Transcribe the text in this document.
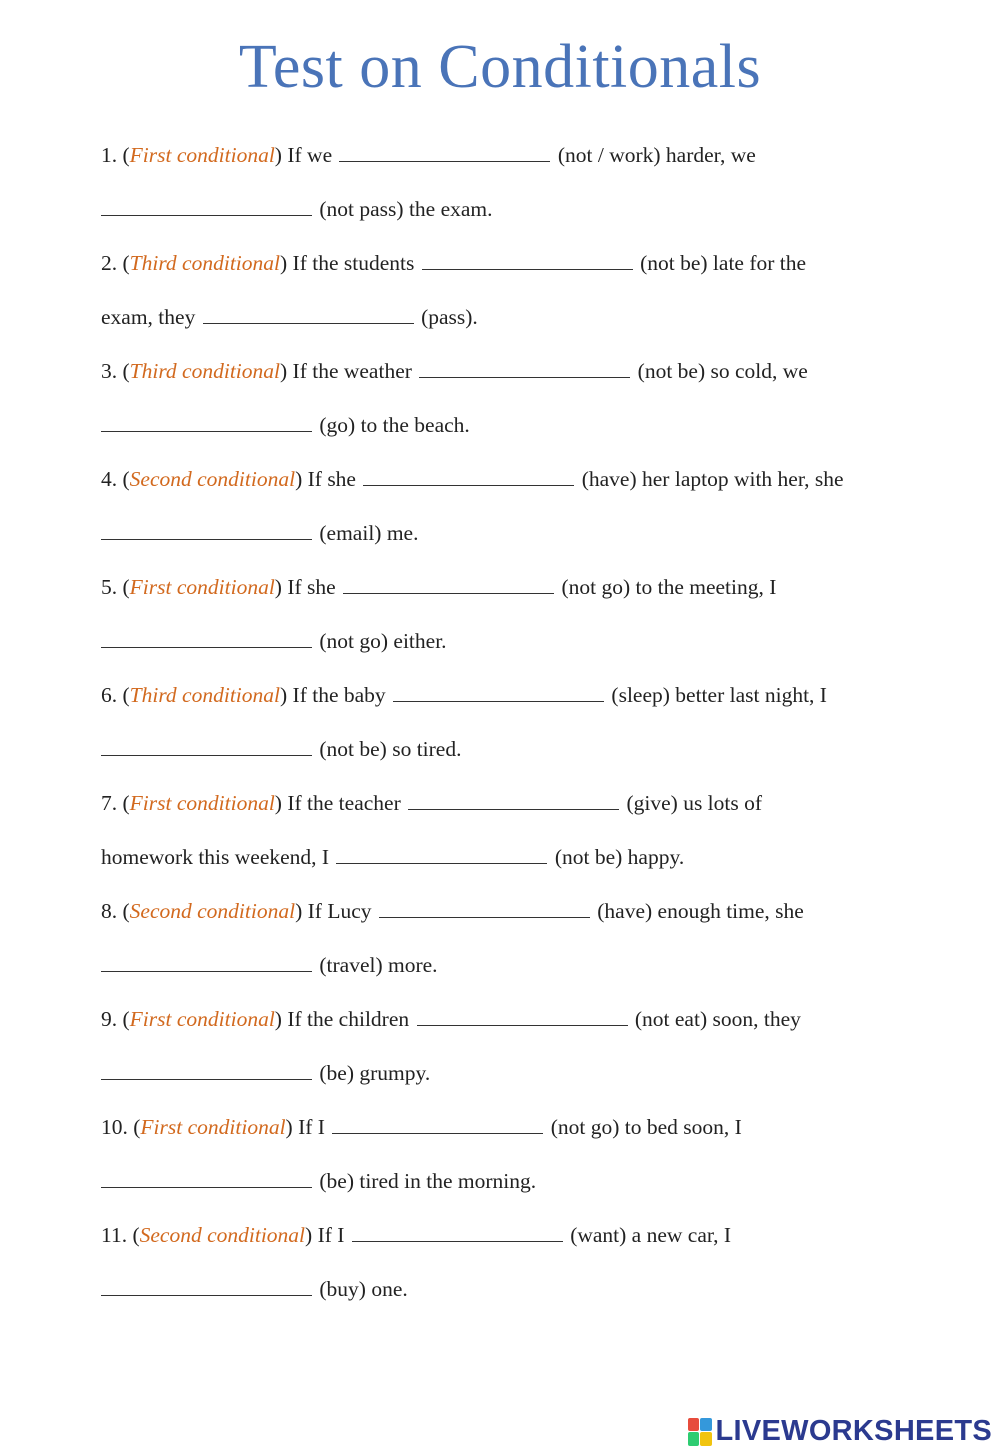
Test on Conditionals
1. (First conditional) If we	(not / work) harder, we
(not pass) the exam.
2. (Third conditional) If the students	(not be) late for the
exam, they	(pass).
3. (Third conditional) If the weather	(not be) so cold, we
(go) to the beach.
4. (Second conditional) If she	(have) her laptop with her, she
(email) me.
5. (First conditional) If she	(not go) to the meeting, I
(not go) either.
6. (Third conditional) If the baby	(sleep) better last night, I
(not be) so tired.
7. (First conditional) If the teacher	(give) us lots of
homework this weekend, I	(not be) happy.
8. (Second conditional) If Lucy	(have) enough time, she
(travel) more.
9. (First conditional) If the children	(not eat) soon, they
(be) grumpy.
10. (First conditional) If I	(not go) to bed soon, I
(be) tired in the morning.
11. (Second conditional) If I	(want) a new car, I
(buy) one.
LIVEWORKSHEETS
